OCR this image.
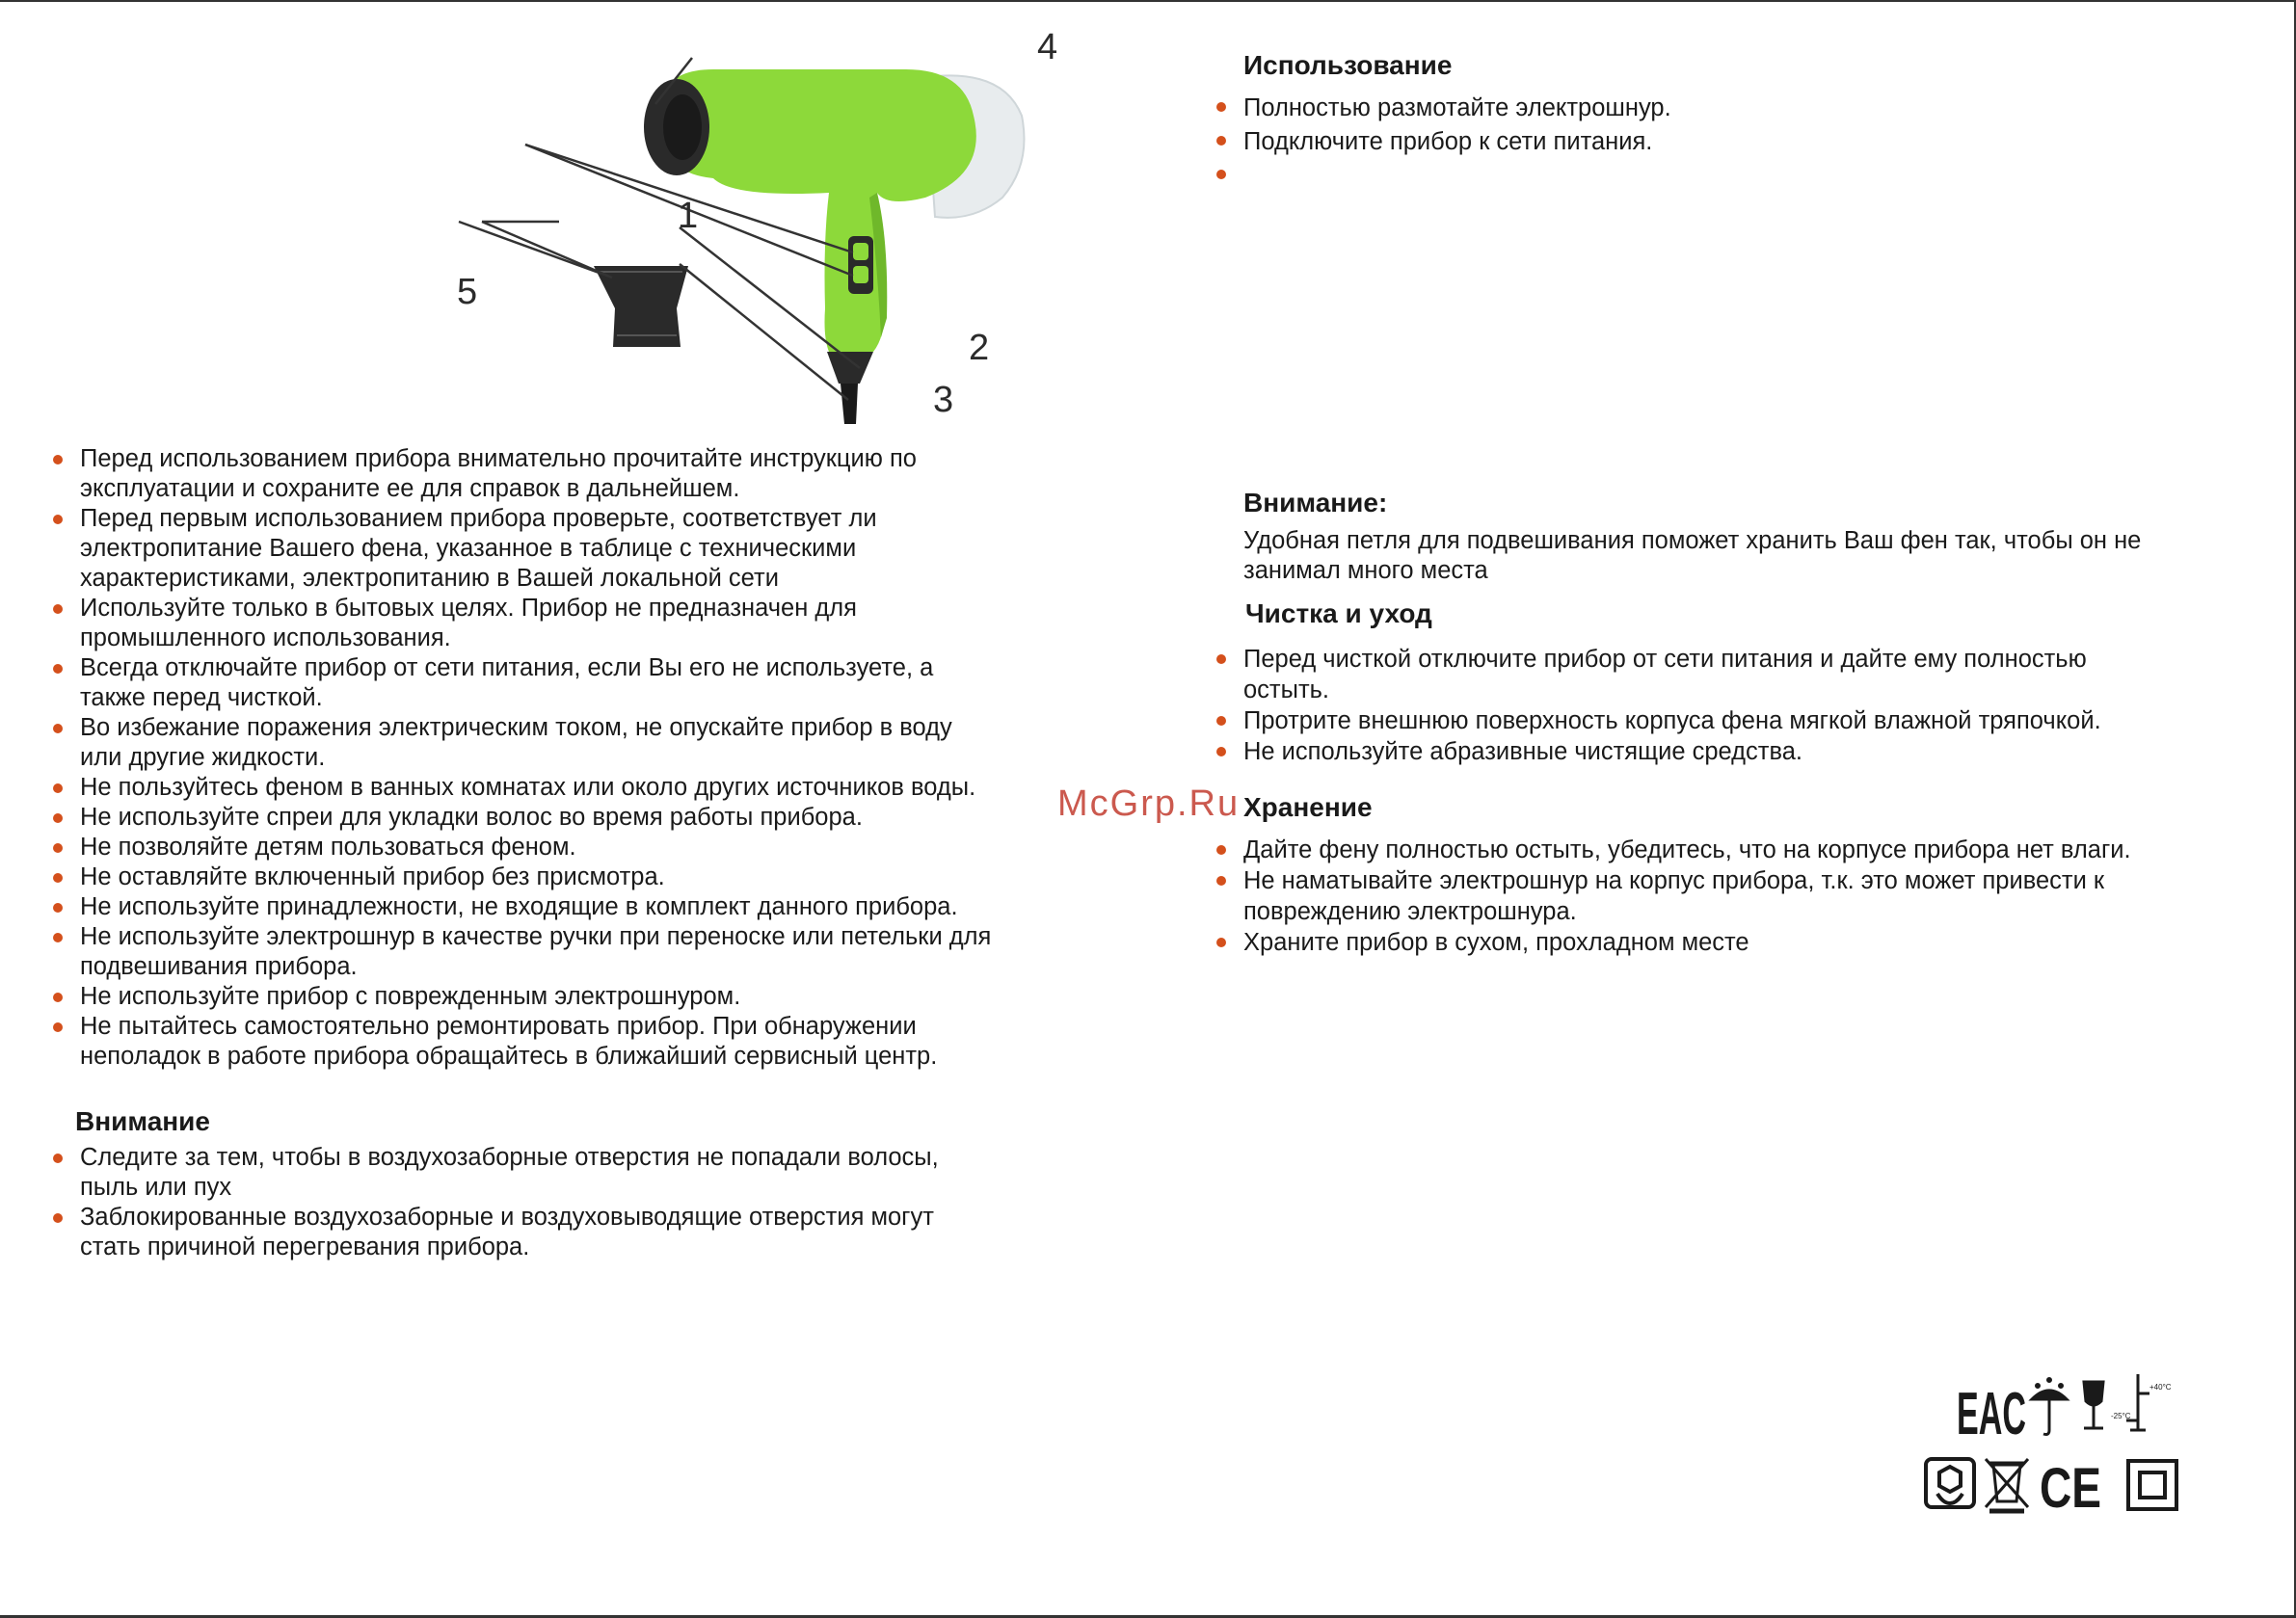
1
2
3
4
5
Перед использованием прибора внимательно прочитайте инструкцию по
эксплуатации и сохраните ее для справок в дальнейшем.
Перед первым использованием прибора проверьте, соответствует ли
электропитание Вашего фена, указанное в таблице с техническими
характеристиками, электропитанию в Вашей локальной сети
Используйте только в бытовых целях. Прибор не предназначен для
промышленного использования.
Всегда отключайте прибор от сети питания, если Вы его не используете, а
также перед чисткой.
Во избежание поражения электрическим током, не опускайте прибор в воду
или другие жидкости.
Не пользуйтесь феном в ванных комнатах или около других источников воды.
Не используйте спреи для укладки волос во время работы прибора.
Не позволяйте детям пользоваться феном.
Не оставляйте включенный прибор без присмотра.
Не используйте принадлежности, не входящие в комплект данного прибора.
Не используйте электрошнур в качестве ручки при переноске или петельки для
подвешивания прибора.
Не используйте прибор с поврежденным электрошнуром.
Не пытайтесь самостоятельно ремонтировать прибор. При обнаружении
неполадок в работе прибора обращайтесь в ближайший сервисный центр.
Внимание
Следите за тем, чтобы в воздухозаборные отверстия не попадали волосы,
пыль или пух
Заблокированные воздухозаборные и воздуховыводящие отверстия могут
стать причиной перегревания прибора.
Использование
Полностью размотайте электрошнур.
Подключите прибор к сети питания.
Внимание:
Удобная петля для подвешивания поможет хранить Ваш фен так, чтобы он не
занимал много места
Чистка и уход
Перед чисткой отключите прибор от сети питания и дайте ему полностью
остыть.
Протрите внешнюю поверхность корпуса фена мягкой влажной тряпочкой.
Не используйте абразивные чистящие средства.
Хранение
Дайте фену полностью остыть, убедитесь, что на корпусе прибора нет влаги.
Не наматывайте электрошнур на корпус прибора, т.к. это может привести к
повреждению электрошнура.
Храните прибор в сухом, прохладном месте
McGrp.Ru
EAC	-25°C
+40°C
CE
